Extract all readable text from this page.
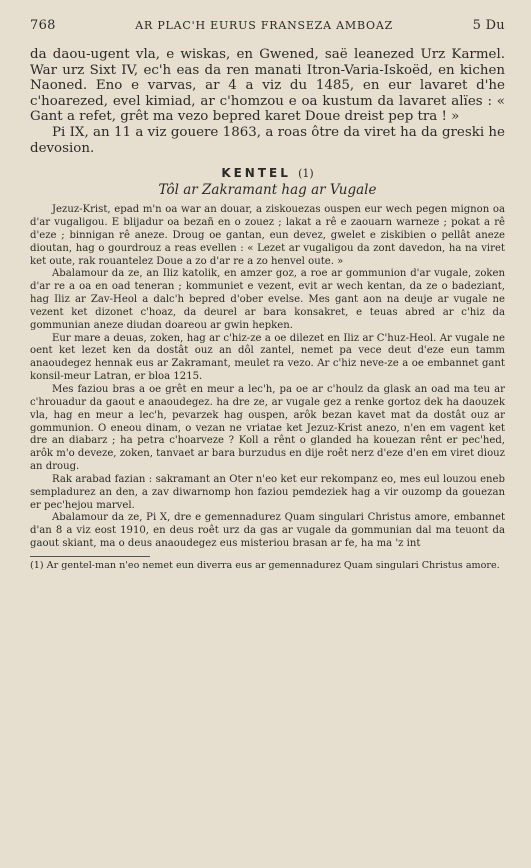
768	AR PLAC'H EURUS FRANSEZA AMBOAZ	5 Du

da daou-ugent vla, e wiskas, en Gwened, saë leanezed Urz Karmel. War urz Sixt IV, ec'h eas da ren manati Itron-Varia-Iskoëd, en kichen Naoned. Eno e varvas, ar 4 a viz du 1485, en eur lavaret d'he c'hoarezed, evel kimiad, ar c'homzou e oa kustum da lavaret alïes : « Gant a refet, grêt ma vezo bepred karet Doue dreist pep tra ! »

Pi IX, an 11 a viz gouere 1863, a roas ôtre da viret ha da greski he devosion.

KENTEL (1)
Tôl ar Zakramant hag ar Vugale

Jezuz-Krist, epad m'n oa war an douar, a ziskouezas ouspen eur wech pegen mignon oa d'ar vugaligou. E blijadur oa bezañ en o zouez ; lakat a rê e zaouarn warneze ; pokat a rê d'eze ; binnigan rê aneze. Droug oe gantan, eun devez, gwelet e ziskibien o pellât aneze dioutan, hag o gourdrouz a reas evellen : « Lezet ar vugaligou da zont davedon, ha na viret ket oute, rak rouantelez Doue a zo d'ar re a zo henvel oute. »

Abalamour da ze, an Iliz katolik, en amzer goz, a roe ar gommunion d'ar vugale, zoken d'ar re a oa en oad teneran ; kommuniet e vezent, evit ar wech kentan, da ze o badeziant, hag Iliz ar Zav-Heol a dalc'h bepred d'ober evelse. Mes gant aon na deuje ar vugale ne vezent ket dizonet c'hoaz, da deurel ar bara konsakret, e teuas abred ar c'hiz da gommunian aneze diudan doareou ar gwin hepken.

Eur mare a deuas, zoken, hag ar c'hiz-ze a oe dilezet en Iliz ar C'huz-Heol. Ar vugale ne oent ket lezet ken da dostât ouz an dôl zantel, nemet pa vece deut d'eze eun tamm anaoudegez hennak eus ar Zakramant, meulet ra vezo. Ar c'hiz neve-ze a oe embannet gant konsil-meur Latran, er bloa 1215.

Mes faziou bras a oe grêt en meur a lec'h, pa oe ar c'houlz da glask an oad ma teu ar c'hrouadur da gaout e anaoudegez. ha dre ze, ar vugale gez a renke gortoz dek ha daouzek vla, hag en meur a lec'h, pevarzek hag ouspen, arôk bezan kavet mat da dostât ouz ar gommunion. O eneou dinam, o vezan ne vriatae ket Jezuz-Krist anezo, n'en em vagent ket dre an diabarz ; ha petra c'hoarveze ? Koll a rênt o glanded ha kouezan rênt er pec'hed, arôk m'o deveze, zoken, tanvaet ar bara burzudus en dije roêt nerz d'eze d'en em viret diouz an droug.

Rak arabad fazian : sakramant an Oter n'eo ket eur rekompanz eo, mes eul louzou eneb sempladurez an den, a zav diwarnomp hon faziou pemdeziek hag a vir ouzomp da gouezan er pec'hejou marvel.

Abalamour da ze, Pi X, dre e gemennadurez Quam singulari Christus amore, embannet d'an 8 a viz eost 1910, en deus roêt urz da gas ar vugale da gommunian dal ma teuont da gaout skiant, ma o deus anaoudegez eus misteriou brasan ar fe, ha ma 'z int

(1) Ar gentel-man n'eo nemet eun diverra eus ar gemennadurez Quam singulari Christus amore.
